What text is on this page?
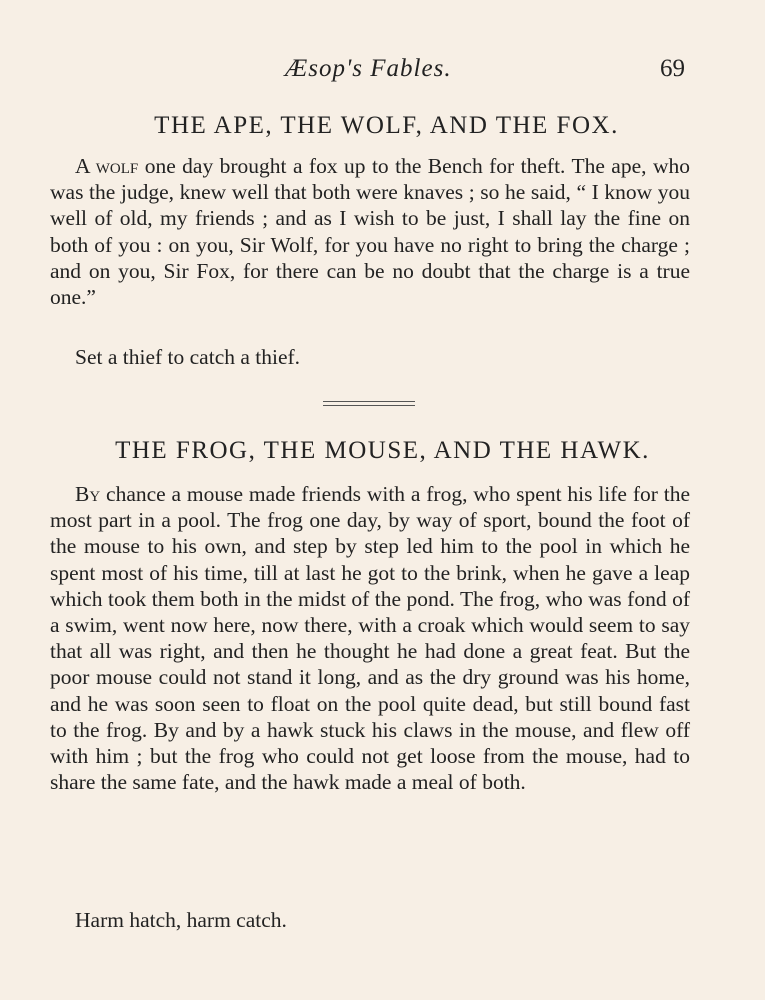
Æsop's Fables.	69
THE APE, THE WOLF, AND THE FOX.

A wolf one day brought a fox up to the Bench for theft. The ape, who was the judge, knew well that both were knaves ; so he said, “ I know you well of old, my friends ; and as I wish to be just, I shall lay the fine on both of you : on you, Sir Wolf, for you have no right to bring the charge ; and on you, Sir Fox, for there can be no doubt that the charge is a true one.”

Set a thief to catch a thief.

THE FROG, THE MOUSE, AND THE HAWK.

By chance a mouse made friends with a frog, who spent his life for the most part in a pool. The frog one day, by way of sport, bound the foot of the mouse to his own, and step by step led him to the pool in which he spent most of his time, till at last he got to the brink, when he gave a leap which took them both in the midst of the pond. The frog, who was fond of a swim, went now here, now there, with a croak which would seem to say that all was right, and then he thought he had done a great feat. But the poor mouse could not stand it long, and as the dry ground was his home, and he was soon seen to float on the pool quite dead, but still bound fast to the frog. By and by a hawk stuck his claws in the mouse, and flew off with him ; but the frog who could not get loose from the mouse, had to share the same fate, and the hawk made a meal of both.

Harm hatch, harm catch.
